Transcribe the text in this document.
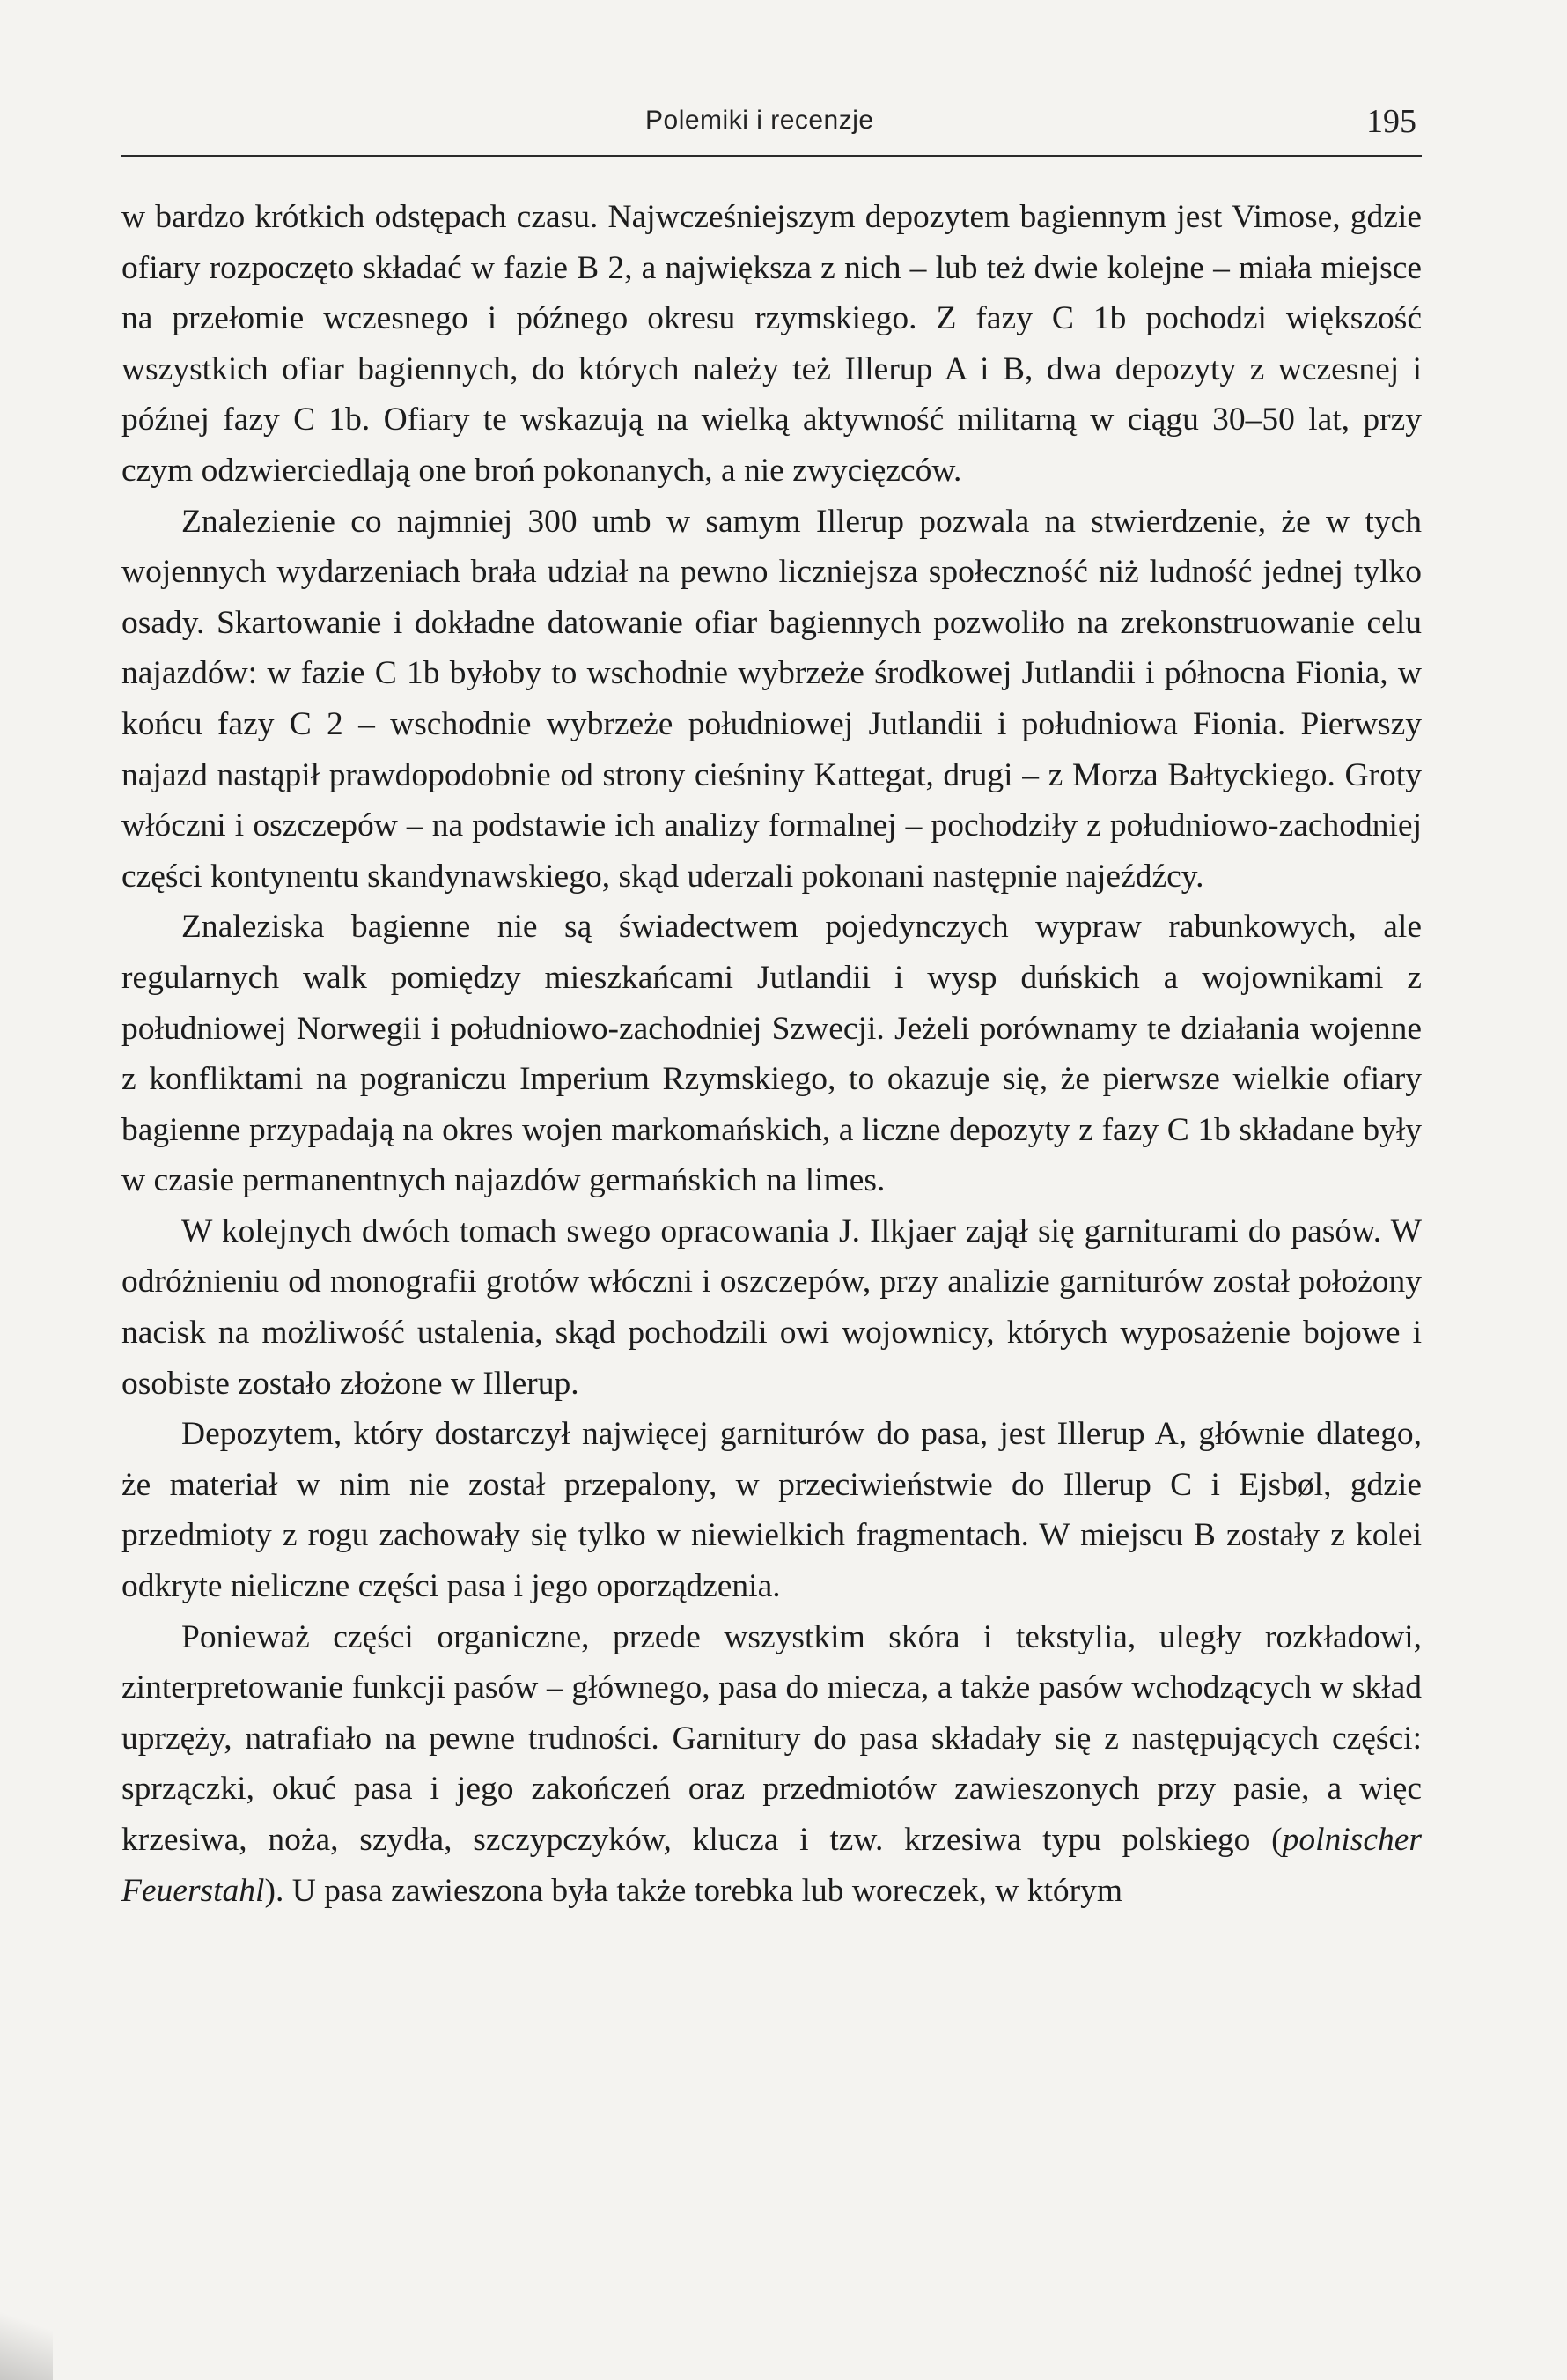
Polemiki i recenzje	195

w bardzo krótkich odstępach czasu. Najwcześniejszym depozytem bagiennym jest Vimose, gdzie ofiary rozpoczęto składać w fazie B 2, a największa z nich – lub też dwie kolejne – miała miejsce na przełomie wczesnego i późnego okresu rzymskiego. Z fazy C 1b pochodzi większość wszystkich ofiar bagiennych, do których należy też Illerup A i B, dwa depozyty z wczesnej i późnej fazy C 1b. Ofiary te wskazują na wielką aktywność militarną w ciągu 30–50 lat, przy czym odzwierciedlają one broń pokonanych, a nie zwycięzców.

Znalezienie co najmniej 300 umb w samym Illerup pozwala na stwierdzenie, że w tych wojennych wydarzeniach brała udział na pewno liczniejsza społeczność niż ludność jednej tylko osady. Skartowanie i dokładne datowanie ofiar bagiennych pozwoliło na zrekonstruowanie celu najazdów: w fazie C 1b byłoby to wschodnie wybrzeże środkowej Jutlandii i północna Fionia, w końcu fazy C 2 – wschodnie wybrzeże południowej Jutlandii i południowa Fionia. Pierwszy najazd nastąpił prawdopodobnie od strony cieśniny Kattegat, drugi – z Morza Bałtyckiego. Groty włóczni i oszczepów – na podstawie ich analizy formalnej – pochodziły z południowo-zachodniej części kontynentu skandynawskiego, skąd uderzali pokonani następnie najeźdźcy.

Znaleziska bagienne nie są świadectwem pojedynczych wypraw rabunkowych, ale regularnych walk pomiędzy mieszkańcami Jutlandii i wysp duńskich a wojownikami z południowej Norwegii i południowo-zachodniej Szwecji. Jeżeli porównamy te działania wojenne z konfliktami na pograniczu Imperium Rzymskiego, to okazuje się, że pierwsze wielkie ofiary bagienne przypadają na okres wojen markomańskich, a liczne depozyty z fazy C 1b składane były w czasie permanentnych najazdów germańskich na limes.

W kolejnych dwóch tomach swego opracowania J. Ilkjaer zajął się garniturami do pasów. W odróżnieniu od monografii grotów włóczni i oszczepów, przy analizie garniturów został położony nacisk na możliwość ustalenia, skąd pochodzili owi wojownicy, których wyposażenie bojowe i osobiste zostało złożone w Illerup.

Depozytem, który dostarczył najwięcej garniturów do pasa, jest Illerup A, głównie dlatego, że materiał w nim nie został przepalony, w przeciwieństwie do Illerup C i Ejsbøl, gdzie przedmioty z rogu zachowały się tylko w niewielkich fragmentach. W miejscu B zostały z kolei odkryte nieliczne części pasa i jego oporządzenia.

Ponieważ części organiczne, przede wszystkim skóra i tekstylia, uległy rozkładowi, zinterpretowanie funkcji pasów – głównego, pasa do miecza, a także pasów wchodzących w skład uprzęży, natrafiało na pewne trudności. Garnitury do pasa składały się z następujących części: sprzączki, okuć pasa i jego zakończeń oraz przedmiotów zawieszonych przy pasie, a więc krzesiwa, noża, szydła, szczypczyków, klucza i tzw. krzesiwa typu polskiego (polnischer Feuerstahl). U pasa zawieszona była także torebka lub woreczek, w którym
